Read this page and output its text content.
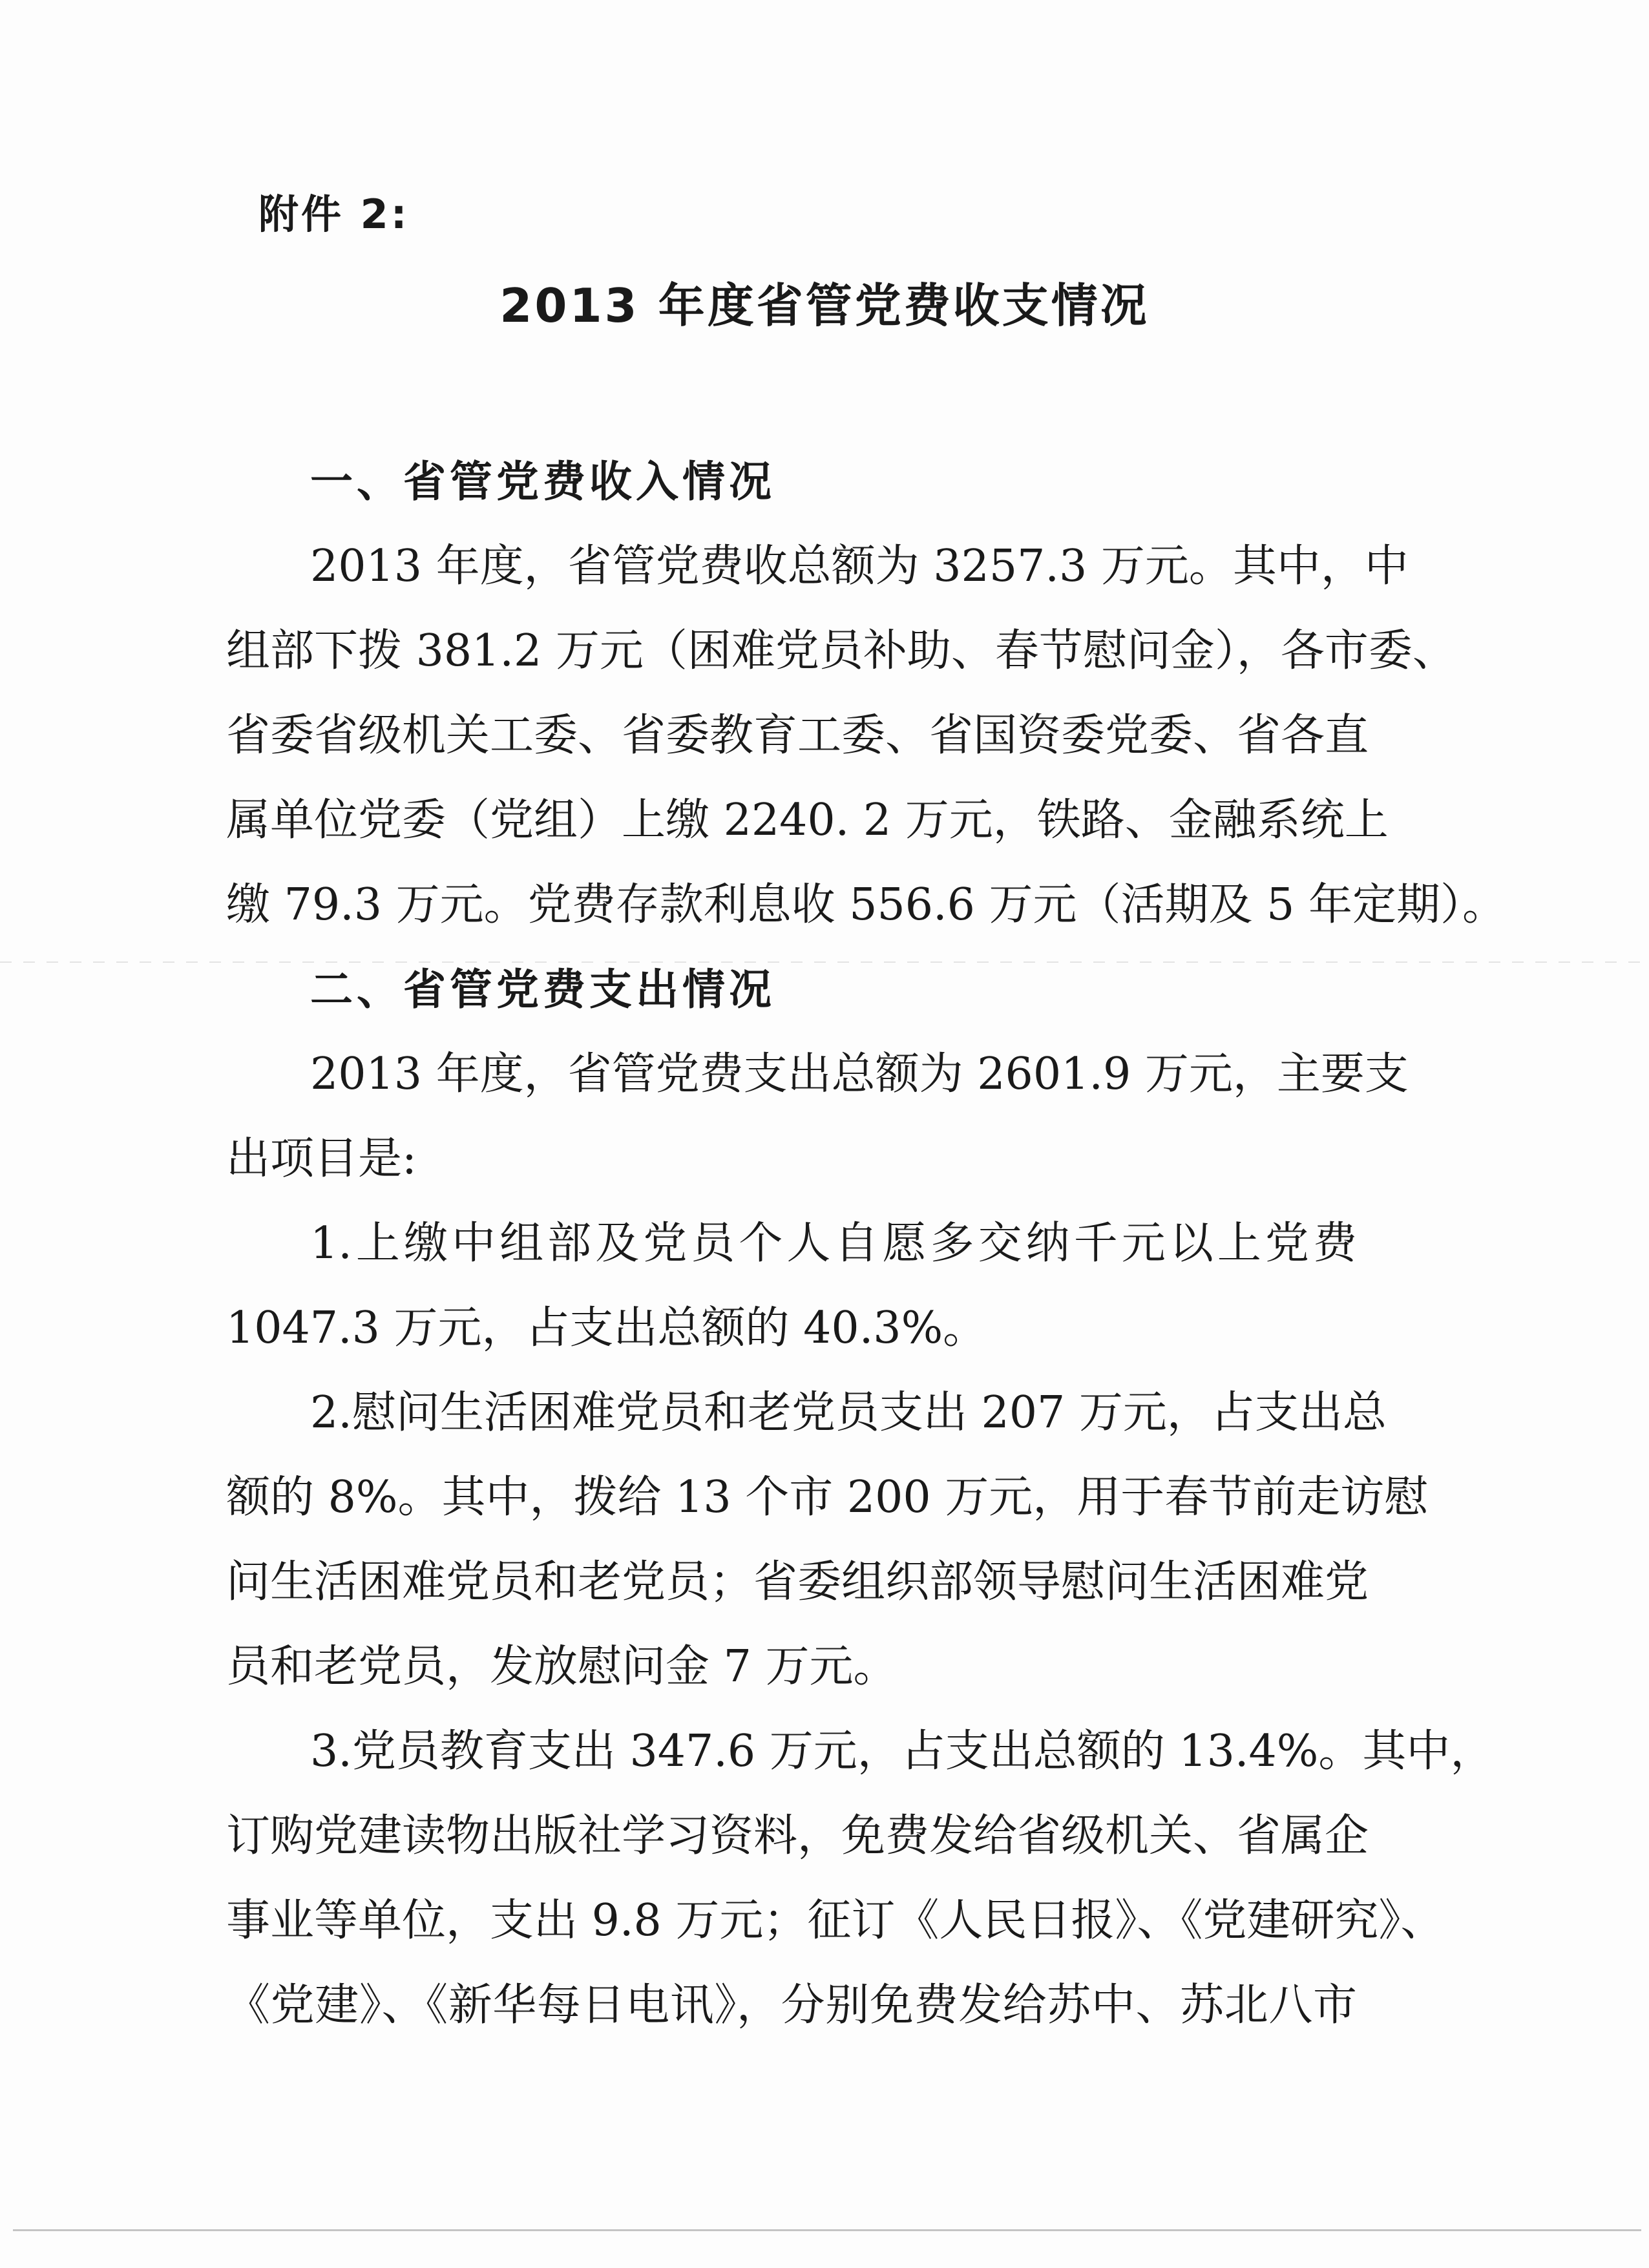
附件 2:
2013 年度省管党费收支情况
一、省管党费收入情况
2013 年度，省管党费收总额为 3257.3 万元。其中，中
组部下拨 381.2 万元（困难党员补助、春节慰问金），各市委、
省委省级机关工委、省委教育工委、省国资委党委、省各直
属单位党委（党组）上缴 2240. 2 万元，铁路、金融系统上
缴 79.3 万元。党费存款利息收 556.6 万元（活期及 5 年定期）。
二、省管党费支出情况
2013 年度，省管党费支出总额为 2601.9 万元，主要支
出项目是:
1.上缴中组部及党员个人自愿多交纳千元以上党费
1047.3 万元，占支出总额的 40.3%。
2.慰问生活困难党员和老党员支出 207 万元，占支出总
额的 8%。其中，拨给 13 个市 200 万元，用于春节前走访慰
问生活困难党员和老党员；省委组织部领导慰问生活困难党
员和老党员，发放慰问金 7 万元。
3.党员教育支出 347.6 万元，占支出总额的 13.4%。其中，
订购党建读物出版社学习资料，免费发给省级机关、省属企
事业等单位，支出 9.8 万元；征订《人民日报》、《党建研究》、
《党建》、《新华每日电讯》，分别免费发给苏中、苏北八市
